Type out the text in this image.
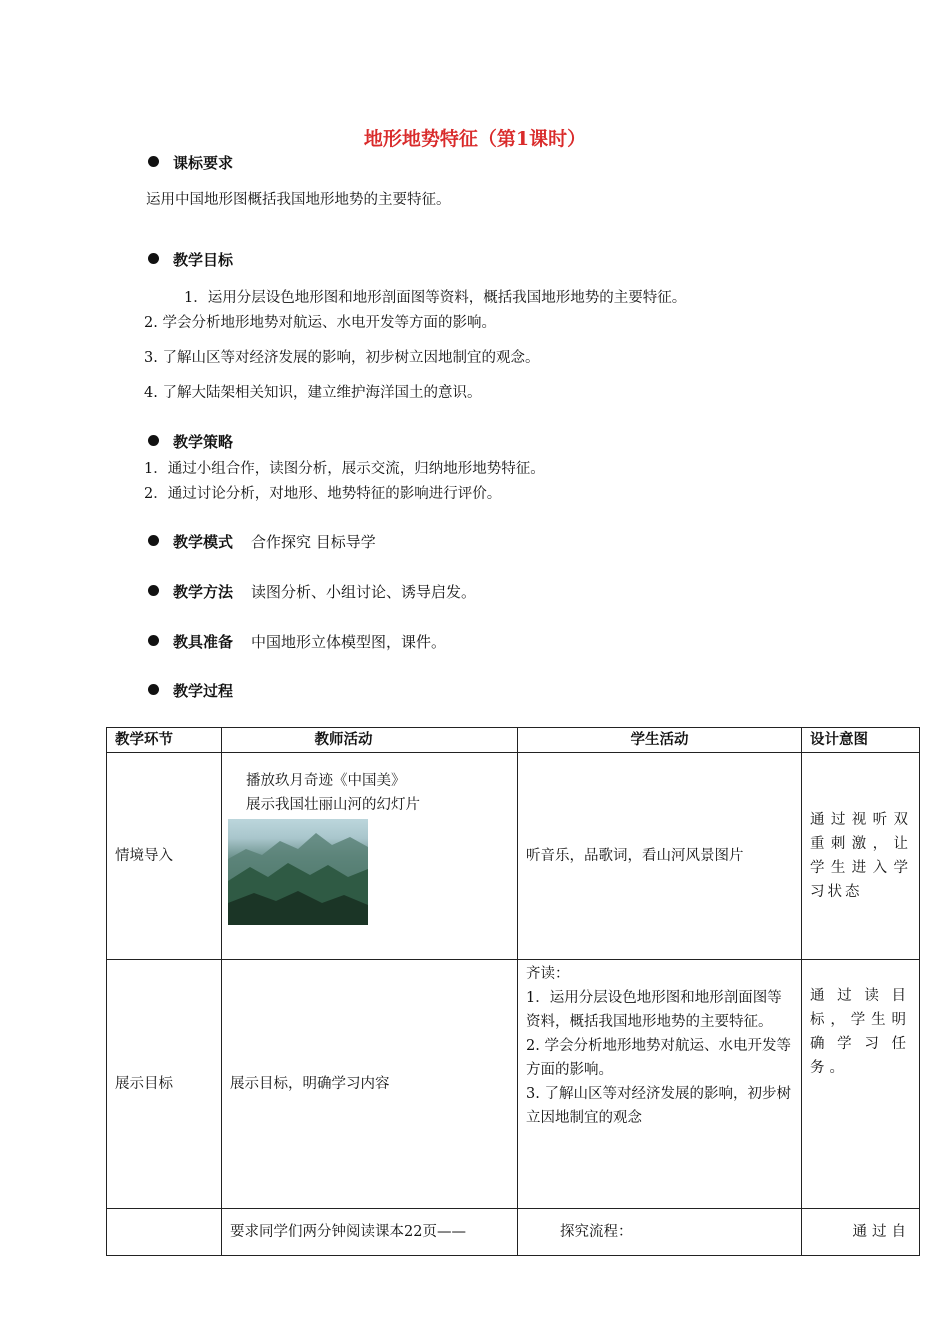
地形地势特征（第1课时）
课标要求
运用中国地形图概括我国地形地势的主要特征。
教学目标
1．运用分层设色地形图和地形剖面图等资料，概括我国地形地势的主要特征。
2. 学会分析地形地势对航运、水电开发等方面的影响。
3. 了解山区等对经济发展的影响，初步树立因地制宜的观念。
4. 了解大陆架相关知识，建立维护海洋国土的意识。
教学策略
1．通过小组合作，读图分析，展示交流，归纳地形地势特征。
2．通过讨论分析，对地形、地势特征的影响进行评价。
教学模式 合作探究 目标导学
教学方法 读图分析、小组讨论、诱导启发。
教具准备 中国地形立体模型图，课件。
教学过程
教学环节	教师活动	学生活动	设计意图
情境导入	播放玖月奇迹《中国美》
展示我国壮丽山河的幻灯片	听音乐，品歌词，看山河风景图片	通过视听双重刺激，让学生进入学习状态
展示目标	展示目标，明确学习内容	齐读：
1．运用分层设色地形图和地形剖面图等资料，概括我国地形地势的主要特征。
2. 学会分析地形地势对航运、水电开发等方面的影响。
3. 了解山区等对经济发展的影响，初步树立因地制宜的观念	通过读目标，学生明确学习任务。
	要求同学们两分钟阅读课本22页——	探究流程：	通过自
